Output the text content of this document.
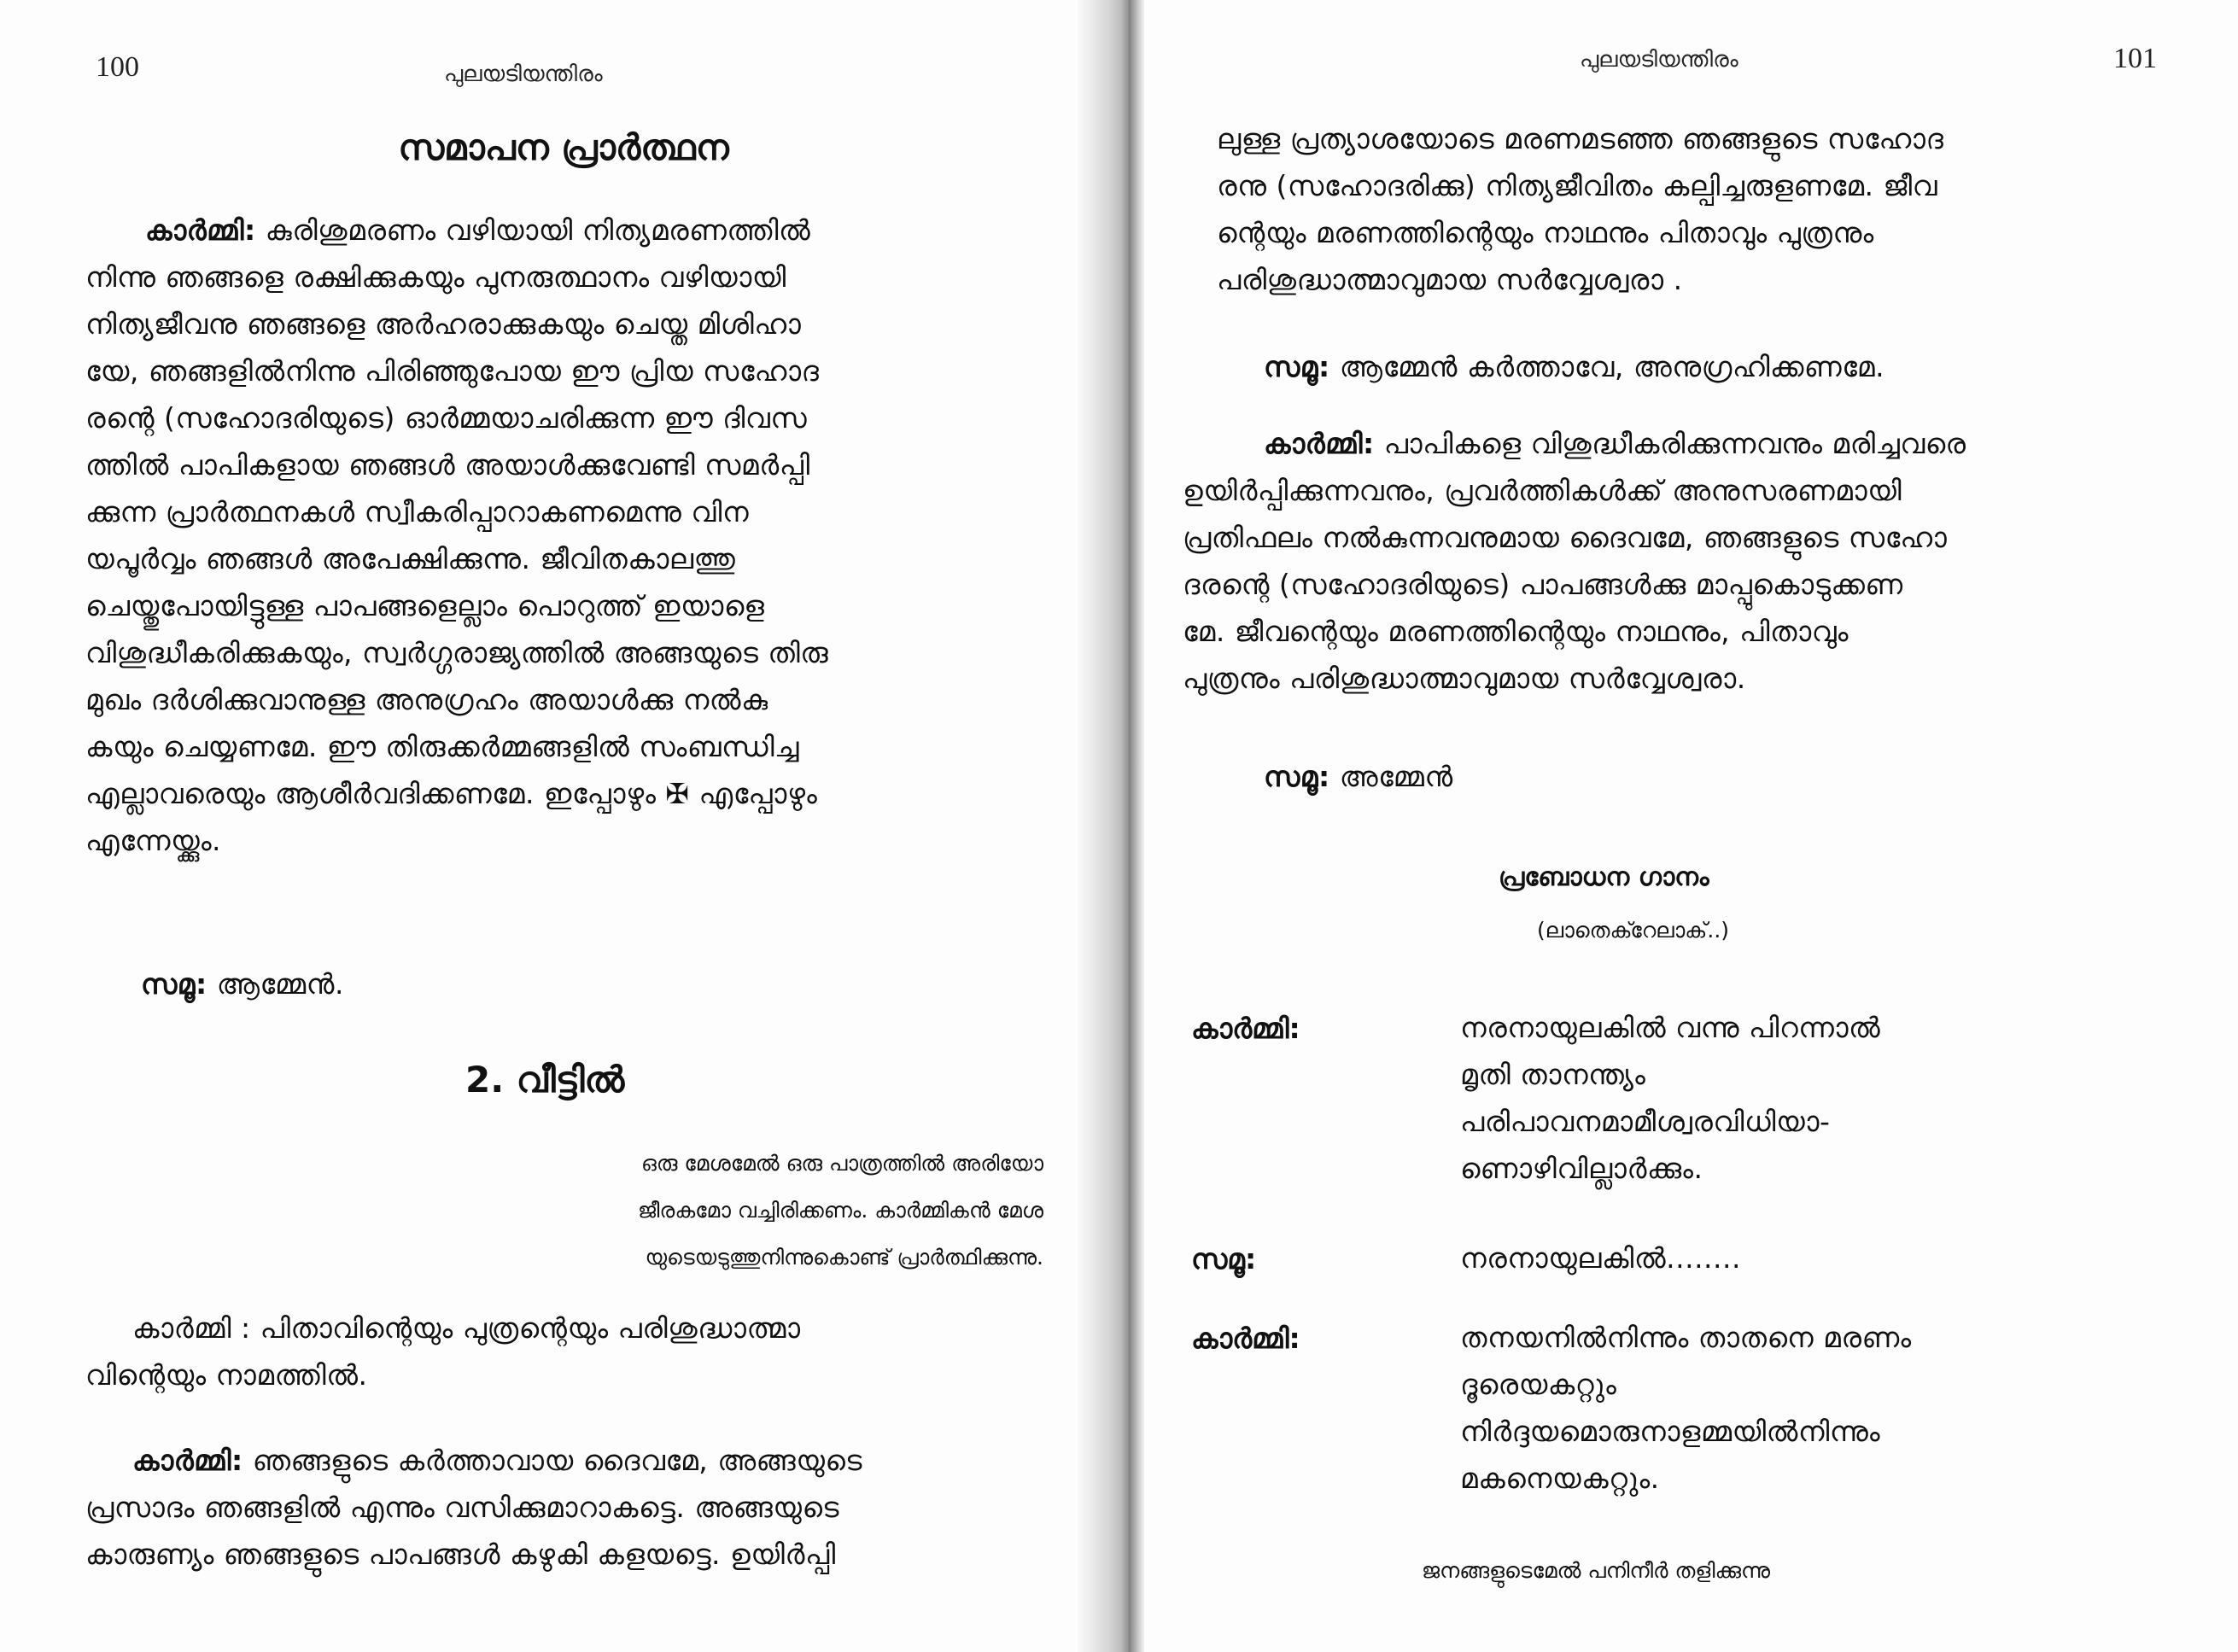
100	പുലയടിയന്തിരം
സമാപന പ്രാർത്ഥന
കാർമ്മി: കുരിശുമരണം വഴിയായി നിത്യമരണത്തിൽ
നിന്നു ഞങ്ങളെ രക്ഷിക്കുകയും പുനരുത്ഥാനം വഴിയായി
നിത്യജീവനു ഞങ്ങളെ അർഹരാക്കുകയും ചെയ്ത മിശിഹാ
യേ, ഞങ്ങളിൽനിന്നു പിരിഞ്ഞുപോയ ഈ പ്രിയ സഹോദ
രന്റെ (സഹോദരിയുടെ) ഓർമ്മയാചരിക്കുന്ന ഈ ദിവസ
ത്തിൽ പാപികളായ ഞങ്ങൾ അയാൾക്കുവേണ്ടി സമർപ്പി
ക്കുന്ന പ്രാർത്ഥനകൾ സ്വീകരിപ്പാറാകണമെന്നു വിന
യപൂർവ്വം ഞങ്ങൾ അപേക്ഷിക്കുന്നു. ജീവിതകാലത്തു
ചെയ്തുപോയിട്ടുള്ള പാപങ്ങളെല്ലാം പൊറുത്ത് ഇയാളെ
വിശുദ്ധീകരിക്കുകയും, സ്വർഗ്ഗരാജ്യത്തിൽ അങ്ങയുടെ തിരു
മുഖം ദർശിക്കുവാനുള്ള അനുഗ്രഹം അയാൾക്കു നൽകു
കയും ചെയ്യണമേ. ഈ തിരുക്കർമ്മങ്ങളിൽ സംബന്ധിച്ച
എല്ലാവരെയും ആശീർവദിക്കണമേ. ഇപ്പോഴും ✠ എപ്പോഴും
എന്നേയ്ക്കും.
സമൂ: ആമ്മേൻ.
2. വീട്ടിൽ
ഒരു മേശമേൽ ഒരു പാത്രത്തിൽ അരിയോ
ജീരകമോ വച്ചിരിക്കണം. കാർമ്മികൻ മേശ
യുടെയടുത്തുനിന്നുകൊണ്ട് പ്രാർത്ഥിക്കുന്നു.
കാർമ്മി : പിതാവിന്റെയും പുത്രന്റെയും പരിശുദ്ധാത്മാ
വിന്റെയും നാമത്തിൽ.
കാർമ്മി: ഞങ്ങളുടെ കർത്താവായ ദൈവമേ, അങ്ങയുടെ
പ്രസാദം ഞങ്ങളിൽ എന്നും വസിക്കുമാറാകട്ടെ. അങ്ങയുടെ
കാരുണ്യം ഞങ്ങളുടെ പാപങ്ങൾ കഴുകി കളയട്ടെ. ഉയിർപ്പി
പുലയടിയന്തിരം	101
ലുള്ള പ്രത്യാശയോടെ മരണമടഞ്ഞ ഞങ്ങളുടെ സഹോദ
രനു (സഹോദരിക്കു) നിത്യജീവിതം കല്പിച്ചരുളണമേ. ജീവ
ന്റെയും മരണത്തിന്റെയും നാഥനും പിതാവും പുത്രനും
പരിശുദ്ധാത്മാവുമായ സർവ്വേശ്വരാ .
സമൂ: ആമ്മേൻ കർത്താവേ, അനുഗ്രഹിക്കണമേ.
കാർമ്മി: പാപികളെ വിശുദ്ധീകരിക്കുന്നവനും മരിച്ചവരെ
ഉയിർപ്പിക്കുന്നവനും, പ്രവർത്തികൾക്ക് അനുസരണമായി
പ്രതിഫലം നൽകുന്നവനുമായ ദൈവമേ, ഞങ്ങളുടെ സഹോ
ദരന്റെ (സഹോദരിയുടെ) പാപങ്ങൾക്കു മാപ്പുകൊടുക്കണ
മേ. ജീവന്റെയും മരണത്തിന്റെയും നാഥനും, പിതാവും
പുത്രനും പരിശുദ്ധാത്മാവുമായ സർവ്വേശ്വരാ.
സമൂ: അമ്മേൻ
പ്രബോധന ഗാനം
(ലാതെക്റേലാക്..)
കാർമ്മി:	നരനായുലകിൽ വന്നു പിറന്നാൽ
മൃതി താനന്ത്യം
പരിപാവനമാമീശ്വരവിധിയാ-
ണൊഴിവില്ലാർക്കും.
സമൂ:	നരനായുലകിൽ........
കാർമ്മി:	തനയനിൽനിന്നും താതനെ മരണം
ദൂരെയകറ്റും
നിർദ്ദയമൊരുനാളമ്മയിൽനിന്നും
മകനെയകറ്റും.
ജനങ്ങളുടെമേൽ പനിനീർ തളിക്കുന്നു
